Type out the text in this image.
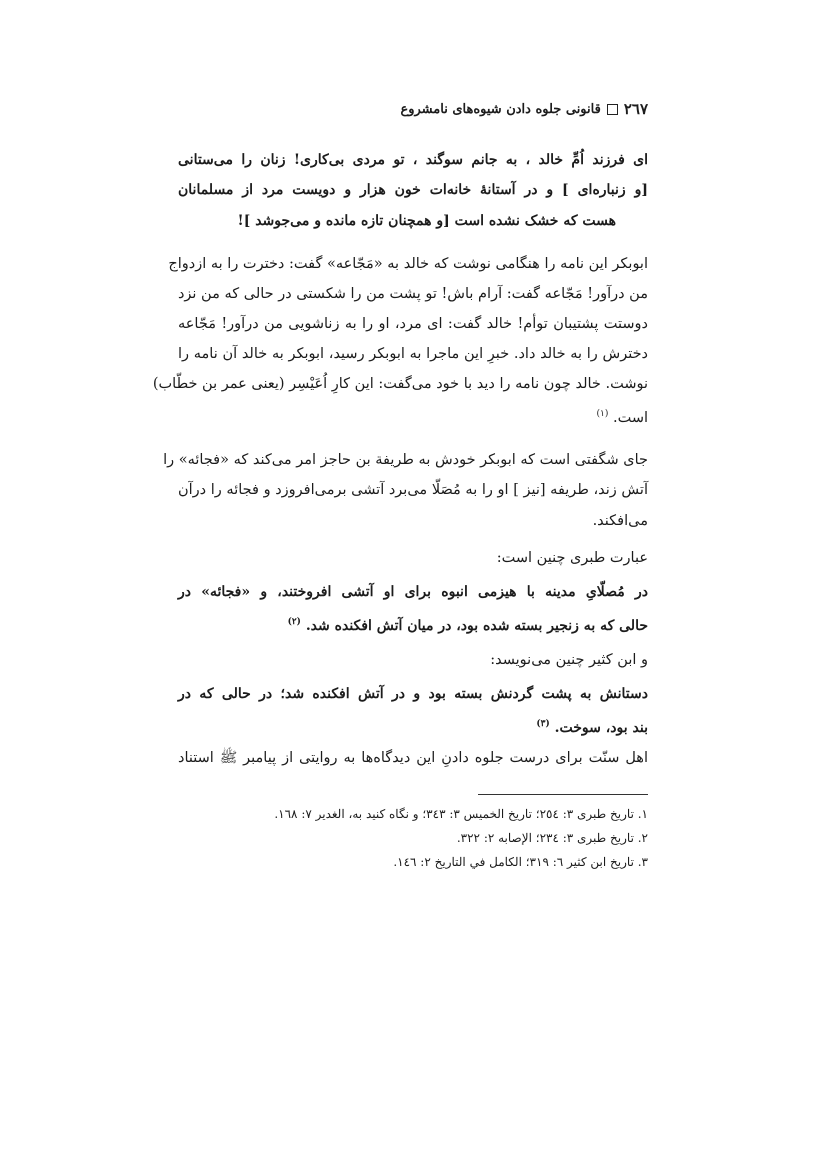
۲٦٧
قانونی جلوه دادن شیوه‌های نامشروع
ای فرزند اُمِّ خالد ، به جانم سوگند ، تو مردی بی‌کاری! زنان را می‌ستانی
[و زنباره‌ای ] و در آستانهٔ خانه‌ات خون هزار و دویست مرد از مسلمانان
هست که خشک نشده است [و همچنان تازه مانده و می‌جوشد ]!
ابوبکر این نامه را هنگامی نوشت که خالد به «مَجّاعه» گفت: دخترت را به ازدواج
من درآور! مَجّاعه گفت: آرام باش! تو پشت من را شکستی در حالی که من نزد
دوستت پشتیبان توأم! خالد گفت: ای مرد، او را به زناشویی من درآور! مَجّاعه
دخترش را به خالد داد. خبرِ این ماجرا به ابوبکر رسید، ابوبکر به خالد آن نامه را
نوشت. خالد چون نامه را دید با خود می‌گفت: این کارِ اُعَیْسِر (یعنی عمر بن خطّاب)
است. $^{(١)}$
جای شگفتی است که ابوبکر خودش به طریفة بن حاجز امر می‌کند که «فجائه» را
آتش زند، طریفه [نیز ] او را به مُصَلّا می‌برد آتشی برمی‌افروزد و فجائه را درآن
می‌افکند.
عبارت طبری چنین است:
در مُصلّایِ مدینه با هیزمی انبوه برای او آتشی افروختند، و «فجائه» در
حالی که به زنجیر بسته شده بود، در میان آتش افکنده شد. $^{(٢)}$
و ابن کثیر چنین می‌نویسد:
دستانش به پشت گردنش بسته بود و در آتش افکنده شد؛ در حالی که در
بند بود، سوخت. $^{(٣)}$
اهل سنّت برای درست جلوه دادنِ این دیدگاه‌ها به روایتی از پیامبر ﷺ استناد
١. تاریخ طبری ٣: ٢٥٤؛ تاریخ الخمیس ٣: ٣٤٣؛ و نگاه کنید به، الغدیر ٧: ١٦٨.
٢. تاریخ طبری ٣: ٢٣٤؛ الإصابه ٢: ٣٢٢.
٣. تاریخ ابن کثیر ٦: ٣١٩؛ الکامل في التاریخ ٢: ١٤٦.
